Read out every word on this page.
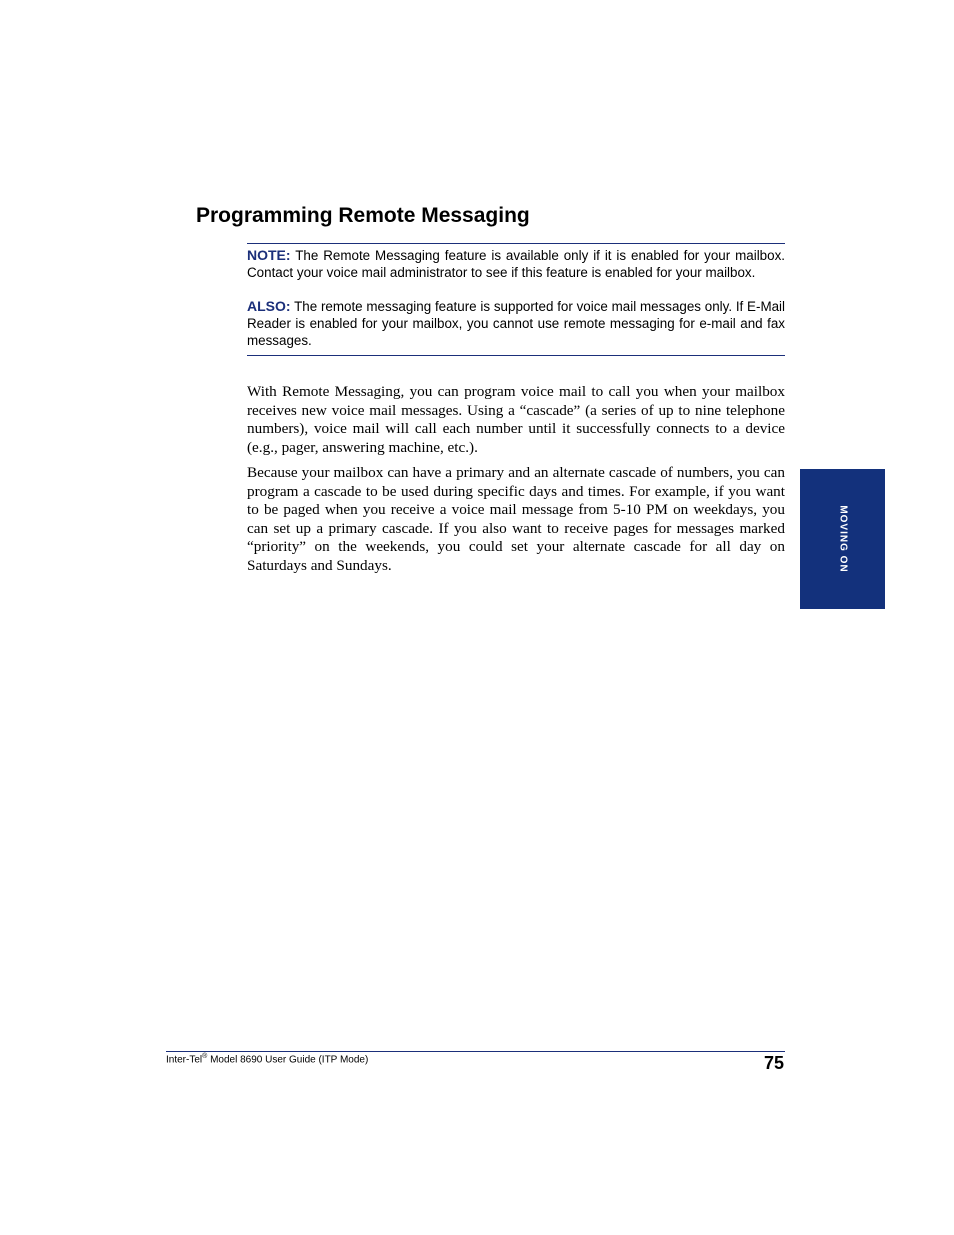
Programming Remote Messaging

NOTE: The Remote Messaging feature is available only if it is enabled for your mailbox. Contact your voice mail administrator to see if this feature is enabled for your mailbox.

ALSO: The remote messaging feature is supported for voice mail messages only. If E-Mail Reader is enabled for your mailbox, you cannot use remote messaging for e-mail and fax messages.

With Remote Messaging, you can program voice mail to call you when your mailbox receives new voice mail messages. Using a “cascade” (a series of up to nine telephone numbers), voice mail will call each number until it successfully connects to a device (e.g., pager, answering machine, etc.).

Because your mailbox can have a primary and an alternate cascade of numbers, you can program a cascade to be used during specific days and times. For example, if you want to be paged when you receive a voice mail message from 5-10 PM on weekdays, you can set up a primary cascade. If you also want to receive pages for messages marked “priority” on the weekends, you could set your alternate cascade for all day on Saturdays and Sundays.	MOVING ON
Inter-Tel® Model 8690 User Guide (ITP Mode)	75
